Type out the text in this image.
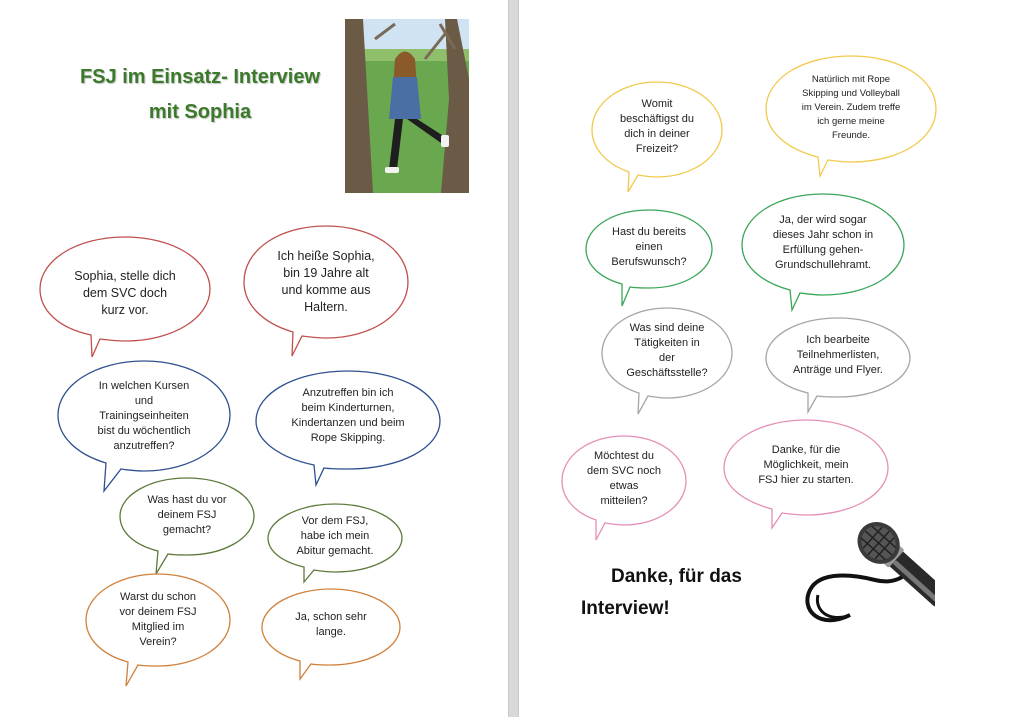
FSJ im Einsatz- Interview
mit Sophia
Sophia, stelle dich
dem SVC doch
kurz vor.
Ich heiße Sophia,
bin 19 Jahre alt
und komme aus
Haltern.
In welchen Kursen
und
Trainingseinheiten
bist du wöchentlich
anzutreffen?
Anzutreffen bin ich
beim Kinderturnen,
Kindertanzen und beim
Rope Skipping.
Was hast du vor
deinem FSJ
gemacht?
Vor dem FSJ,
habe ich mein
Abitur gemacht.
Warst du schon
vor deinem FSJ
Mitglied im
Verein?
Ja, schon sehr
lange.
Womit
beschäftigst du
dich in deiner
Freizeit?
Natürlich mit Rope
Skipping und Volleyball
im Verein. Zudem treffe
ich gerne meine
Freunde.
Hast du bereits
einen
Berufswunsch?
Ja, der wird sogar
dieses Jahr schon in
Erfüllung gehen-
Grundschullehramt.
Was sind deine
Tätigkeiten in
der
Geschäftsstelle?
Ich bearbeite
Teilnehmerlisten,
Anträge und Flyer.
Möchtest du
dem SVC noch
etwas
mitteilen?
Danke, für die
Möglichkeit, mein
FSJ hier zu starten.
Danke, für das
Interview!
